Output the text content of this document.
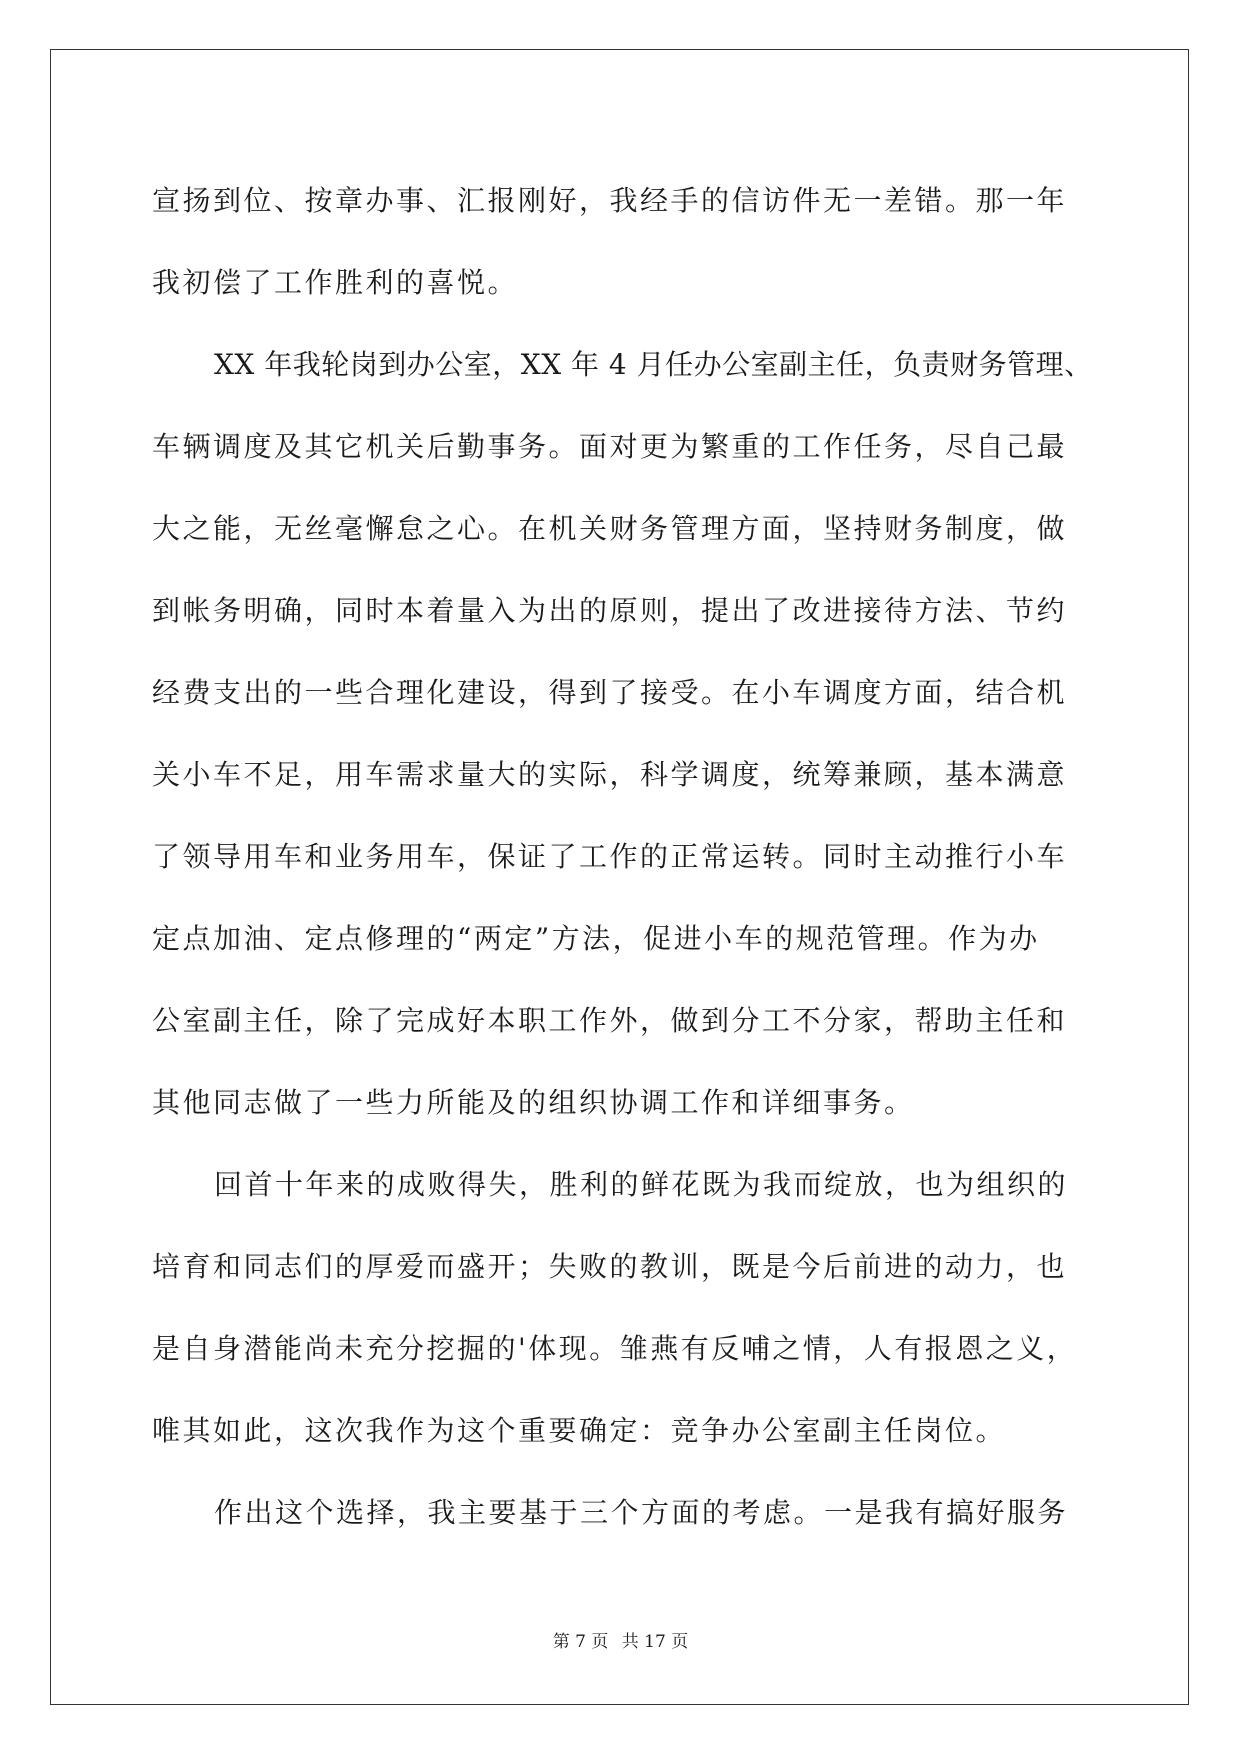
宣扬到位、按章办事、汇报刚好，我经手的信访件无一差错。那一年
我初偿了工作胜利的喜悦。
XX 年我轮岗到办公室，XX 年 4 月任办公室副主任，负责财务管理、
车辆调度及其它机关后勤事务。面对更为繁重的工作任务，尽自己最
大之能，无丝毫懈怠之心。在机关财务管理方面，坚持财务制度，做
到帐务明确，同时本着量入为出的原则，提出了改进接待方法、节约
经费支出的一些合理化建设，得到了接受。在小车调度方面，结合机
关小车不足，用车需求量大的实际，科学调度，统筹兼顾，基本满意
了领导用车和业务用车，保证了工作的正常运转。同时主动推行小车
定点加油、定点修理的“两定”方法，促进小车的规范管理。作为办
公室副主任，除了完成好本职工作外，做到分工不分家，帮助主任和
其他同志做了一些力所能及的组织协调工作和详细事务。
回首十年来的成败得失，胜利的鲜花既为我而绽放，也为组织的
培育和同志们的厚爱而盛开；失败的教训，既是今后前进的动力，也
是自身潜能尚未充分挖掘的'体现。雏燕有反哺之情，人有报恩之义，
唯其如此，这次我作为这个重要确定：竞争办公室副主任岗位。
作出这个选择，我主要基于三个方面的考虑。一是我有搞好服务
第 7 页 共 17 页
